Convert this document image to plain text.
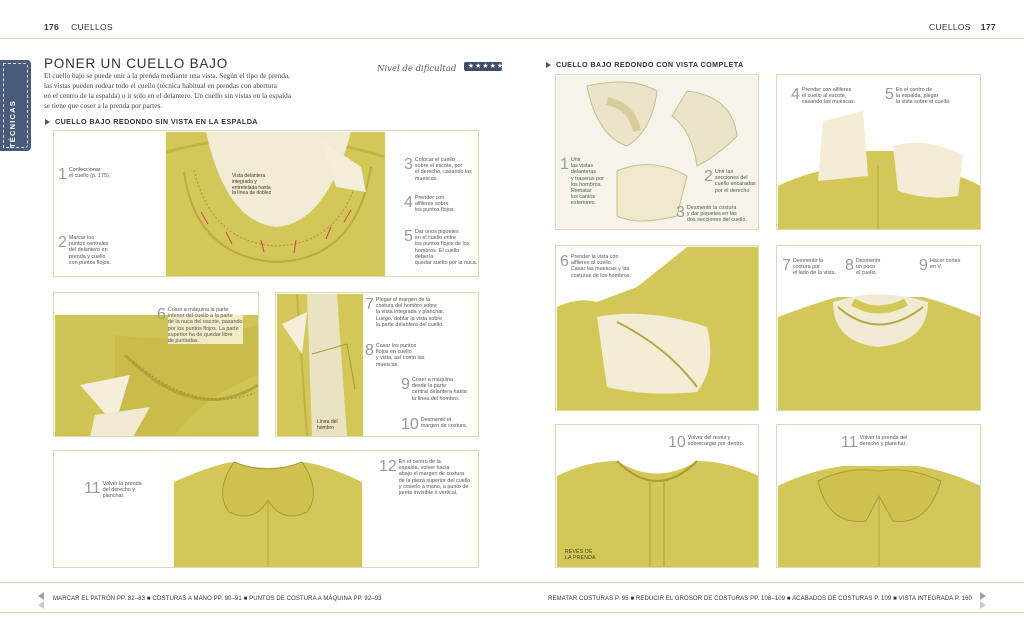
176 CUELLOS	CUELLOS 177
TÉCNICAS
PONER UN CUELLO BAJO	Nivel de dificultad ★★★★★
El cuello bajo se puede unir a la prenda mediante una vista. Según el tipo de prenda,
las vistas pueden rodear todo el cuello (técnica habitual en prendas con abertura
en el centro de la espalda) o ir solo en el delantero. Un cuello sin vistas en la espalda
se tiene que coser a la prenda por partes.
CUELLO BAJO REDONDO SIN VISTA EN LA ESPALDA
Vista delantera
integrada y
entretelada hasta
la línea de doblez
1 Confeccionar
el cuello (p. 175).
2 Marcar los
puntos centrales
del delantero en
prenda y cuello
con puntos flojos.
3 Colocar el cuello
sobre el escote, por
el derecho, casando las
muescas.
4 Prender con
alfileres sobre
los puntos flojos.
5 Dar unos piquetes
en el cuello entre
los puntos flojos de los
hombros. El cuello debería
quedar suelto por la nuca.
6 Coser a máquina la parte
inferior del cuello a la parte
de la nuca del escote, pasando
por los puntos flojos. La parte
superior ha de quedar libre
de puntadas.
Línea del
hombro
7 Plegar el margen de la
costura del hombro sobre
la vista integrada y planchar.
Luego, doblar la vista sobre
la parte delantera del cuello.
8 Casar los puntos
flojos en cuello
y vista, así como las
muescas.
9 Coser a máquina
desde la parte
central delantera hasta
la línea del hombro.
10 Desmentir el
margen de costura.
11 Volver la prenda
del derecho y
planchar.
12 En el centro de la
espalda, volver hacia
abajo el margen de costura
de la pieza superior del cuello
y coserlo a mano, a punto de
jareta invisible o vertical.
CUELLO BAJO REDONDO CON VISTA COMPLETA
1 Unir
las vistas
delanteras
y traseras por
los hombros.
Rematar
los cantos
exteriores.
2 Unir las
secciones del
cuello encaradas
por el derecho.
3 Desmentir la costura
y dar piquetes en las
dos secciones del cuello.
4 Prender con alfileres
el cuello al escote,
casando las muescas. 5 En el centro de
la espalda, plegar
la vista sobre el cuello.
6 Prender la vista con
alfileres al cuello.
Casar las muescas y las
costuras de los hombros.
7 Desmentir la
costura por
el lado de la vista. 8 Desmentir
un poco
el cuello.	9 Hacer cortes
en V.
REVÉS DE
LA PRENDA
10 Volver del revés y
sobrecargar por dentro.	11 Volver la prenda del
derecho y planchar.
MARCAR EL PATRÓN PP. 82–83 ■ COSTURAS A MANO PP. 90–91 ■ PUNTOS DE COSTURA A MÁQUINA PP. 92–93	REMATAR COSTURAS P. 95 ■ REDUCIR EL GROSOR DE COSTURAS PP. 108–109 ■ ACABADOS DE COSTURAS P. 109 ■ VISTA INTEGRADA P. 160
